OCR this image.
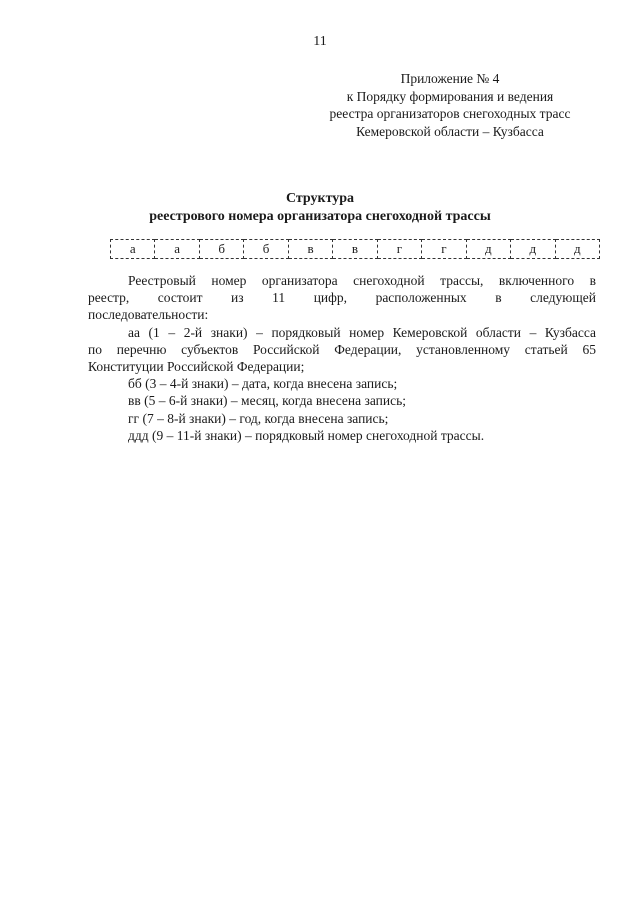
11
Приложение № 4
к Порядку формирования и ведения
реестра организаторов снегоходных трасс
Кемеровской области – Кузбасса
Структура
реестрового номера организатора снегоходной трассы
а	а	б	б	в	в	г	г	д	д	д

Реестровый номер организатора снегоходной трассы, включенного в

реестр, состоит из 11 цифр, расположенных в следующей

последовательности:

аа (1 – 2-й знаки) – порядковый номер Кемеровской области – Кузбасса

по перечню субъектов Российской Федерации, установленному статьей 65

Конституции Российской Федерации;

бб (3 – 4-й знаки) – дата, когда внесена запись;

вв (5 – 6-й знаки) – месяц, когда внесена запись;

гг (7 – 8-й знаки) – год, когда внесена запись;

ддд (9 – 11-й знаки) – порядковый номер снегоходной трассы.
